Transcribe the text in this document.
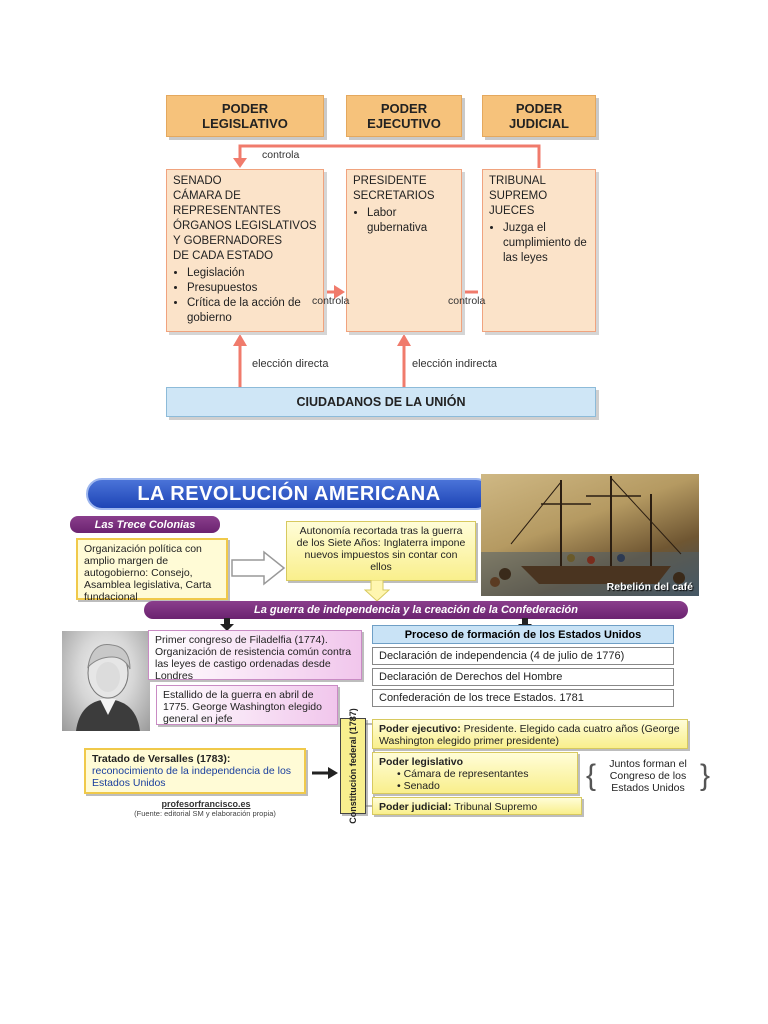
PODER
LEGISLATIVO
PODER
EJECUTIVO
PODER
JUDICIAL
controla
SENADO
CÁMARA DE
REPRESENTANTES
ÓRGANOS LEGISLATIVOS
Y GOBERNADORES
DE CADA ESTADO
• Legislación
• Presupuestos
• Crítica de la acción de gobierno
PRESIDENTE
SECRETARIOS
• Labor gubernativa
TRIBUNAL
SUPREMO
JUECES
• Juzga el cumplimiento de las leyes
controla	controla
elección directa	elección indirecta
CIUDADANOS DE LA UNIÓN
LA REVOLUCIÓN AMERICANA
Rebelión del café
Las Trece Colonias
Organización política con amplio margen de autogobierno: Consejo, Asamblea legislativa, Carta fundacional
Autonomía recortada tras la guerra de los Siete Años: Inglaterra impone nuevos impuestos sin contar con ellos
La guerra de independencia y la creación de la Confederación
Primer congreso de Filadelfia (1774). Organización de resistencia común contra las leyes de castigo ordenadas desde Londres
Estallido de la guerra en abril de 1775. George Washington elegido general en jefe
Proceso de formación de los Estados Unidos
Declaración de independencia (4 de julio de 1776)
Declaración de Derechos del Hombre
Confederación de los trece Estados. 1781
Constitución federal (1787)	Poder ejecutivo: Presidente. Elegido cada cuatro años (George Washington elegido primer presidente)
Poder legislativo
• Cámara de representantes
• Senado	{	Juntos forman el Congreso de los Estados Unidos }
Poder judicial: Tribunal Supremo
Tratado de Versalles (1783):
reconocimiento de la independencia de los Estados Unidos
profesorfrancisco.es
(Fuente: editorial SM y elaboración propia)
